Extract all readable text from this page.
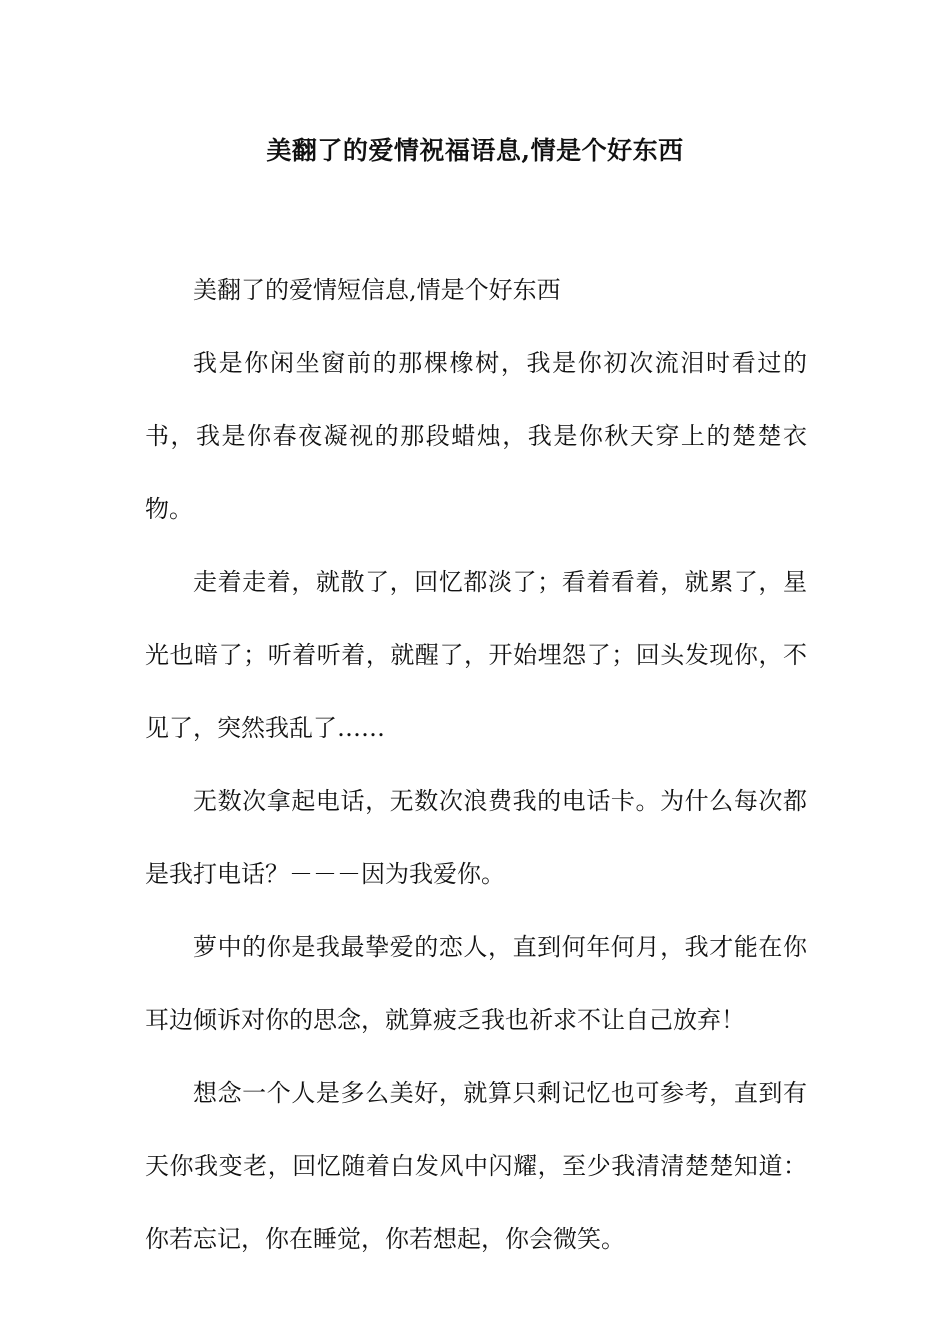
美翻了的爱情祝福语息,情是个好东西

美翻了的爱情短信息,情是个好东西

我是你闲坐窗前的那棵橡树，我是你初次流泪时看过的书，我是你春夜凝视的那段蜡烛，我是你秋天穿上的楚楚衣物。

走着走着，就散了，回忆都淡了；看着看着，就累了，星光也暗了；听着听着，就醒了，开始埋怨了；回头发现你，不见了，突然我乱了……

无数次拿起电话，无数次浪费我的电话卡。为什么每次都是我打电话？－－－因为我爱你。

萝中的你是我最挚爱的恋人，直到何年何月，我才能在你耳边倾诉对你的思念，就算疲乏我也祈求不让自己放弃！

想念一个人是多么美好，就算只剩记忆也可参考，直到有天你我变老，回忆随着白发风中闪耀，至少我清清楚楚知道：你若忘记，你在睡觉，你若想起，你会微笑。
